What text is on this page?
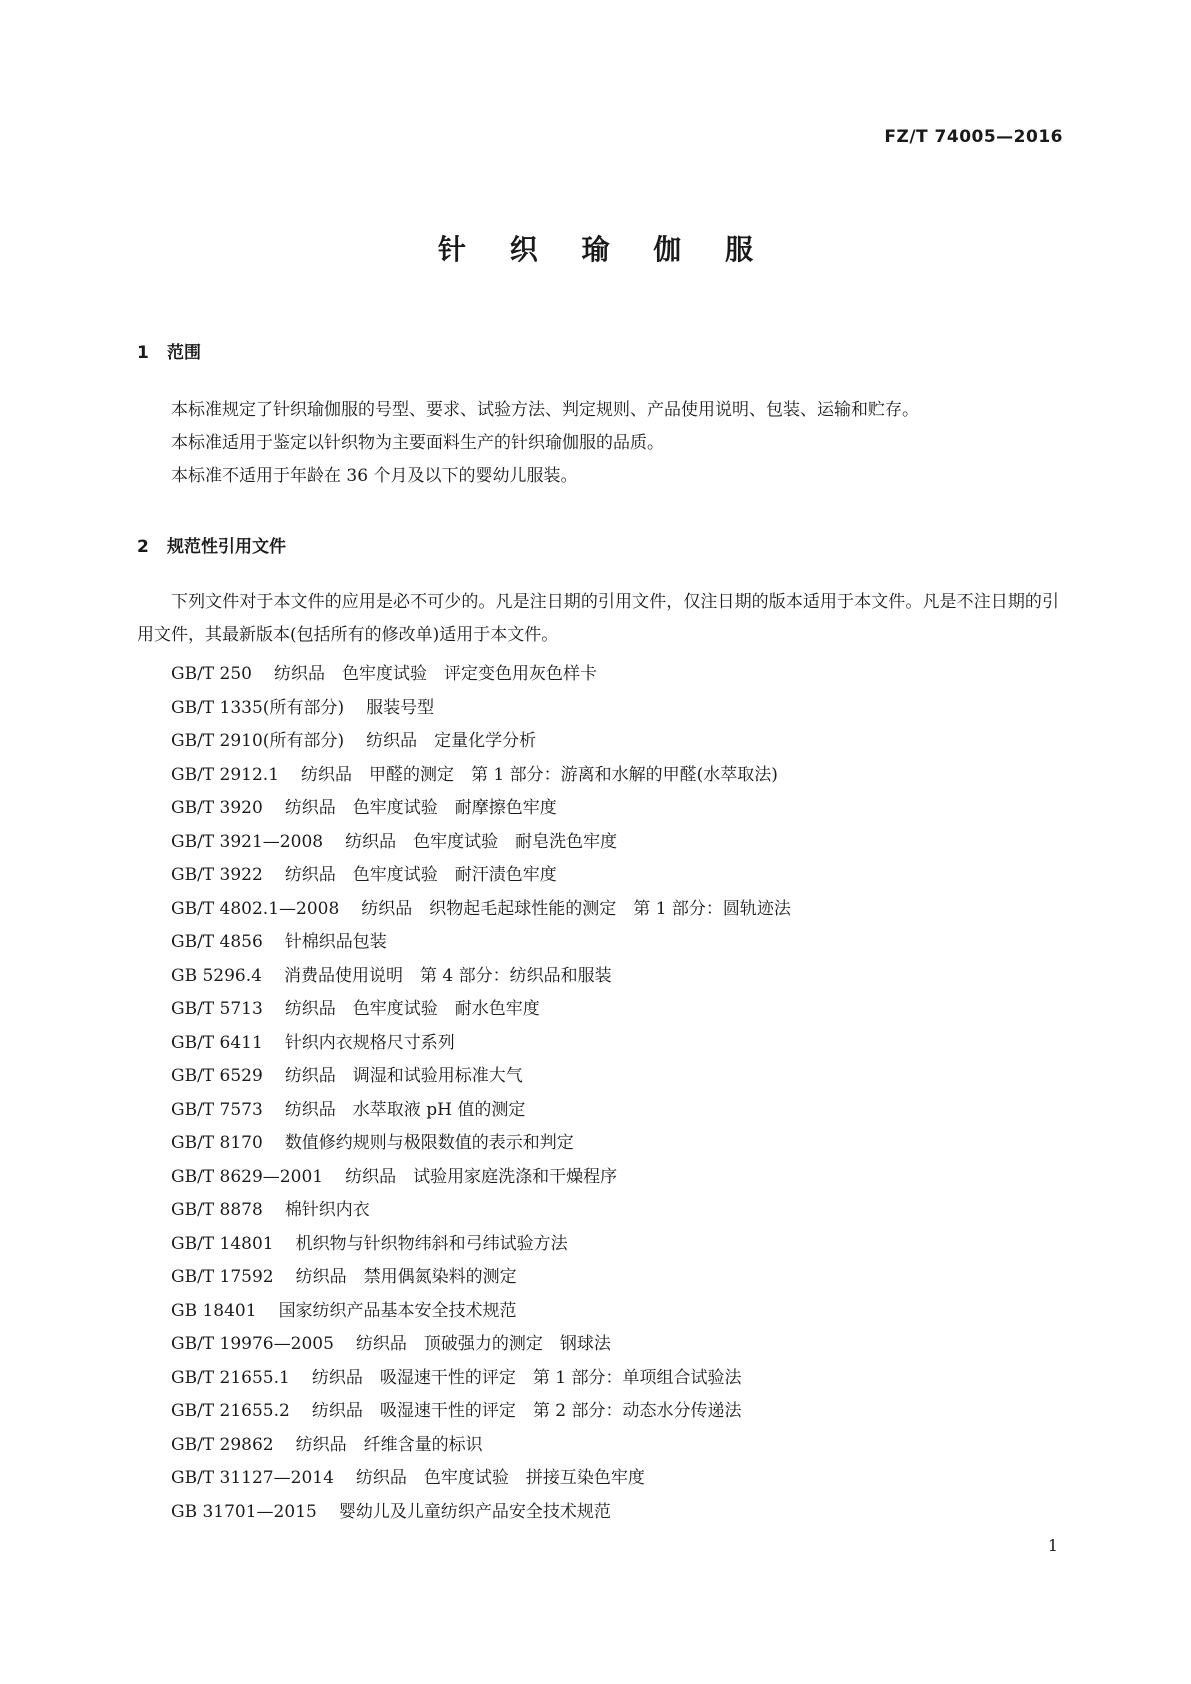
FZ/T 74005—2016
针 织 瑜 伽 服
1 范围

本标准规定了针织瑜伽服的号型、要求、试验方法、判定规则、产品使用说明、包装、运输和贮存。

本标准适用于鉴定以针织物为主要面料生产的针织瑜伽服的品质。

本标准不适用于年龄在 36 个月及以下的婴幼儿服装。

2 规范性引用文件

下列文件对于本文件的应用是必不可少的。凡是注日期的引用文件，仅注日期的版本适用于本文件。凡是不注日期的引用文件，其最新版本(包括所有的修改单)适用于本文件。

GB/T 250 纺织品　色牢度试验　评定变色用灰色样卡
GB/T 1335(所有部分) 服装号型
GB/T 2910(所有部分) 纺织品　定量化学分析
GB/T 2912.1 纺织品　甲醛的测定　第 1 部分：游离和水解的甲醛(水萃取法)
GB/T 3920 纺织品　色牢度试验　耐摩擦色牢度
GB/T 3921—2008 纺织品　色牢度试验　耐皂洗色牢度
GB/T 3922 纺织品　色牢度试验　耐汗渍色牢度
GB/T 4802.1—2008 纺织品　织物起毛起球性能的测定　第 1 部分：圆轨迹法
GB/T 4856 针棉织品包装
GB 5296.4 消费品使用说明　第 4 部分：纺织品和服装
GB/T 5713 纺织品　色牢度试验　耐水色牢度
GB/T 6411 针织内衣规格尺寸系列
GB/T 6529 纺织品　调湿和试验用标准大气
GB/T 7573 纺织品　水萃取液 pH 值的测定
GB/T 8170 数值修约规则与极限数值的表示和判定
GB/T 8629—2001 纺织品　试验用家庭洗涤和干燥程序
GB/T 8878 棉针织内衣
GB/T 14801 机织物与针织物纬斜和弓纬试验方法
GB/T 17592 纺织品　禁用偶氮染料的测定
GB 18401 国家纺织产品基本安全技术规范
GB/T 19976—2005 纺织品　顶破强力的测定　钢球法
GB/T 21655.1 纺织品　吸湿速干性的评定　第 1 部分：单项组合试验法
GB/T 21655.2 纺织品　吸湿速干性的评定　第 2 部分：动态水分传递法
GB/T 29862 纺织品　纤维含量的标识
GB/T 31127—2014 纺织品　色牢度试验　拼接互染色牢度
GB 31701—2015 婴幼儿及儿童纺织产品安全技术规范
1
